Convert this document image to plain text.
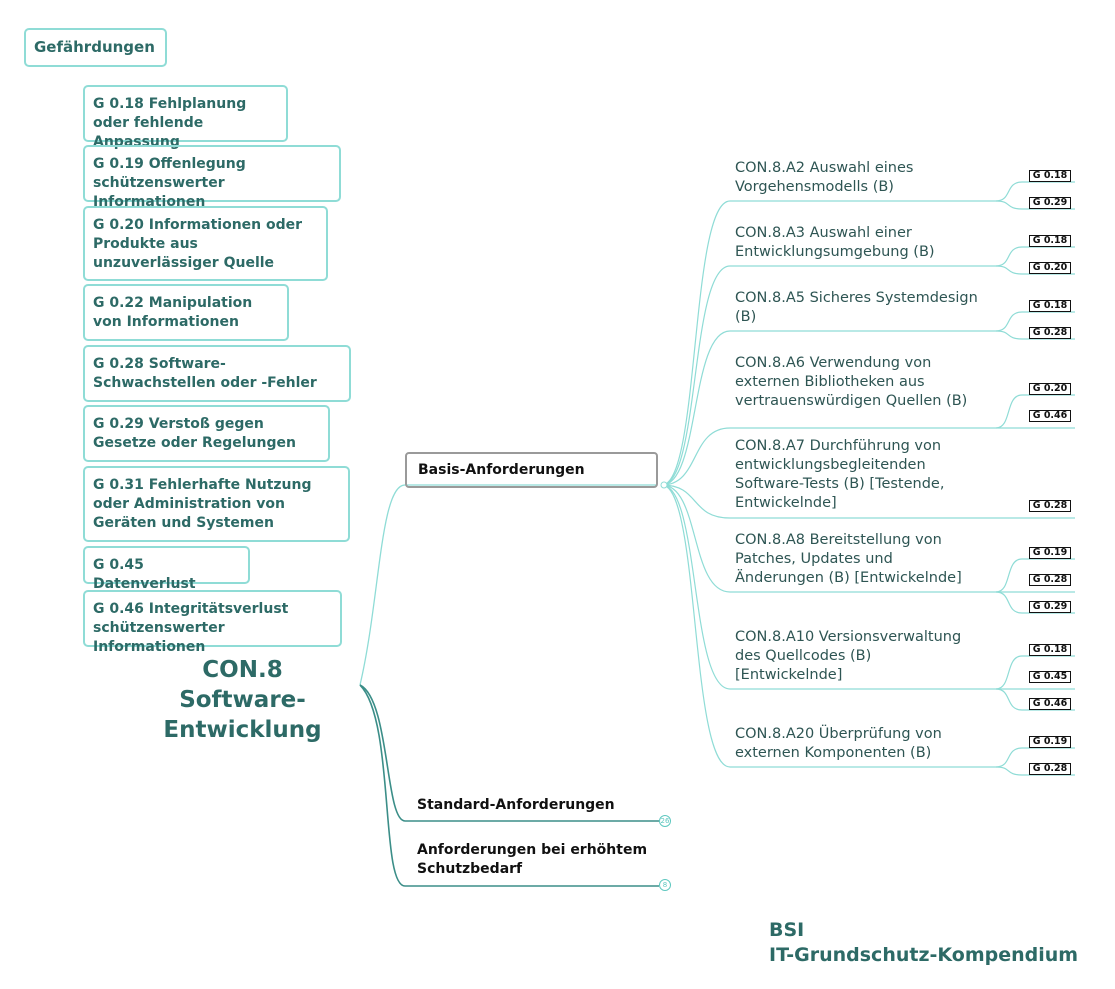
Gefährdungen
G 0.18 Fehlplanung oder fehlende Anpassung
G 0.19 Offenlegung schützenswerter Informationen
G 0.20 Informationen oder Produkte aus unzuverlässiger Quelle
G 0.22 Manipulation von Informationen
G 0.28 Software-Schwachstellen oder -Fehler
G 0.29 Verstoß gegen Gesetze oder Regelungen
G 0.31 Fehlerhafte Nutzung oder Administration von Geräten und Systemen
G 0.45 Datenverlust
G 0.46 Integritätsverlust schützenswerter Informationen
CON.8 Software-Entwicklung
Basis-Anforderungen
Standard-Anforderungen
Anforderungen bei erhöhtem Schutzbedarf
26
8
CON.8.A2 Auswahl eines Vorgehensmodells (B)
CON.8.A3 Auswahl einer Entwicklungsumgebung (B)
CON.8.A5 Sicheres Systemdesign (B)
CON.8.A6 Verwendung von externen Bibliotheken aus vertrauenswürdigen Quellen (B)
CON.8.A7 Durchführung von entwicklungsbegleitenden Software-Tests (B) [Testende, Entwickelnde]
CON.8.A8 Bereitstellung von Patches, Updates und Änderungen (B) [Entwickelnde]
CON.8.A10 Versionsverwaltung des Quellcodes (B) [Entwickelnde]
CON.8.A20 Überprüfung von externen Komponenten (B)
G 0.18
G 0.29
G 0.18
G 0.20
G 0.18
G 0.28
G 0.20
G 0.46
G 0.28
G 0.19
G 0.28
G 0.29
G 0.18
G 0.45
G 0.46
G 0.19
G 0.28
BSI
IT-Grundschutz-Kompendium
